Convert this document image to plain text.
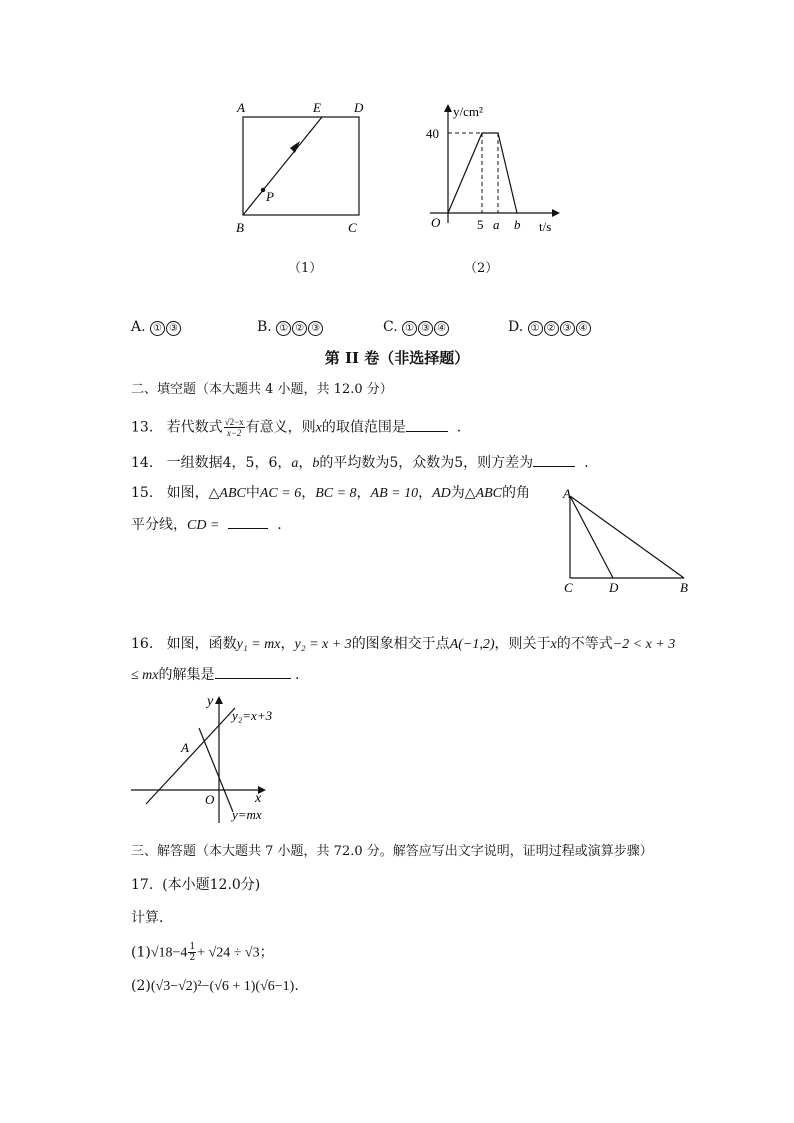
A	E	D
P
B	C
y/cm²
40
O	5 a b t/s
（1）	（2）
A. ① ③	B. ① ② ③	C. ① ③ ④	D. ① ② ③ ④
第 II 卷（非选择题）
二、填空题（本大题共 4 小题，共 12.0 分）
13. 若代数式 $\frac{√2-x}{x-2}$ 有意义，则x的取值范围是	.
14. 一组数据4，5，6，a，b的平均数为5，众数为5，则方差为	.
15. 如图，△ABC中AC = 6，BC = 8，AB = 10，AD为△ABC的角
平分线，CD =	.
A
C	D	B
16. 如图，函数y₁ = mx，y₂ = x + 3的图象相交于点A(−1,2)，则关于x的不等式−2 < x + 3
≤ mx的解集是	.
y
y₂=x+3
A
O	x
y=mx
三、解答题（本大题共 7 小题，共 72.0 分。解答应写出文字说明，证明过程或演算步骤）
17. (本小题12.0分)
计算．
$(1)√18-4 \frac{1}{2} + √24 \div √3$；
(2)(√3−√2)²−(√6 + 1)(√6−1).
